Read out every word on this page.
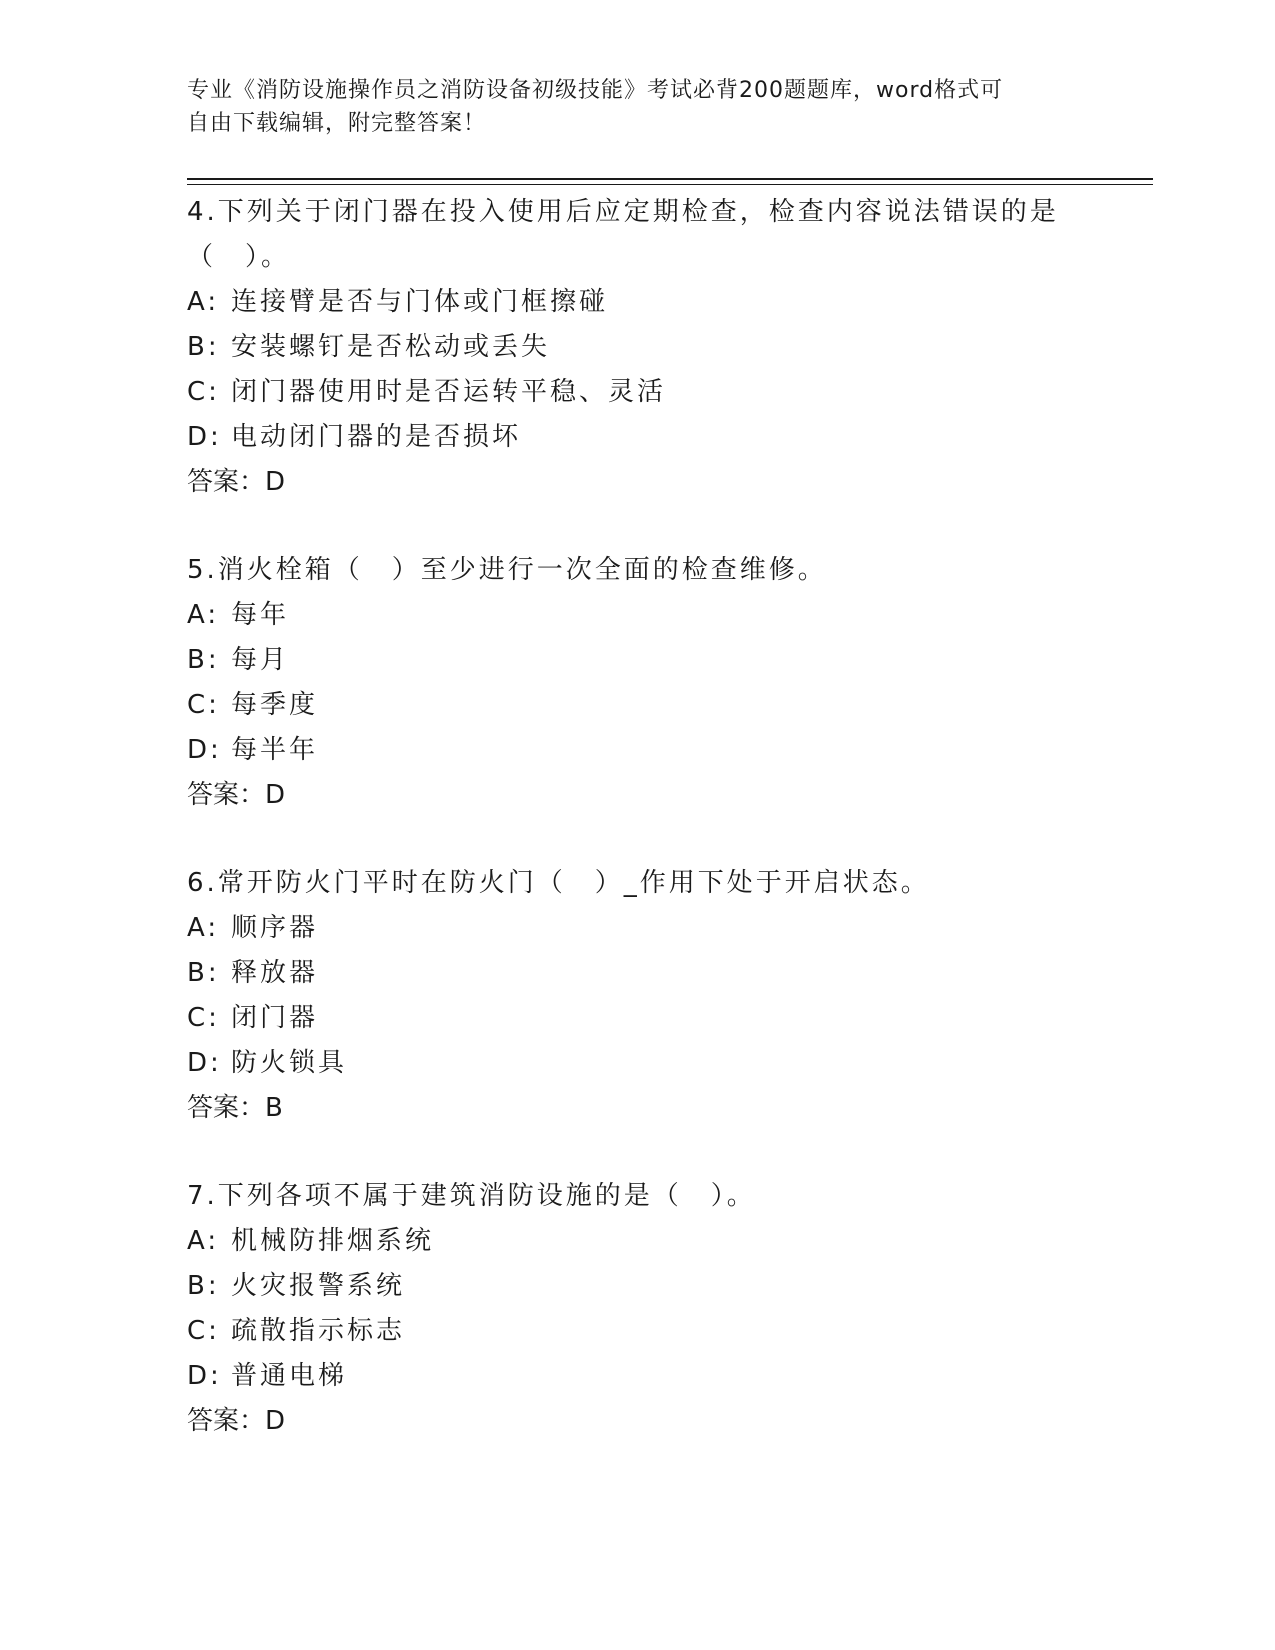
专业《消防设施操作员之消防设备初级技能》考试必背200题题库，word格式可
自由下载编辑，附完整答案！

4.下列关于闭门器在投入使用后应定期检查，检查内容说法错误的是（　）。

A: 连接臂是否与门体或门框擦碰

B: 安装螺钉是否松动或丢失

C: 闭门器使用时是否运转平稳、灵活

D: 电动闭门器的是否损坏

答案：D

5.消火栓箱（　）至少进行一次全面的检查维修。

A: 每年

B: 每月

C: 每季度

D: 每半年

答案：D

6.常开防火门平时在防火门（　）_作用下处于开启状态。

A: 顺序器

B: 释放器

C: 闭门器

D: 防火锁具

答案：B

7.下列各项不属于建筑消防设施的是（　）。

A: 机械防排烟系统

B: 火灾报警系统

C: 疏散指示标志

D: 普通电梯

答案：D
